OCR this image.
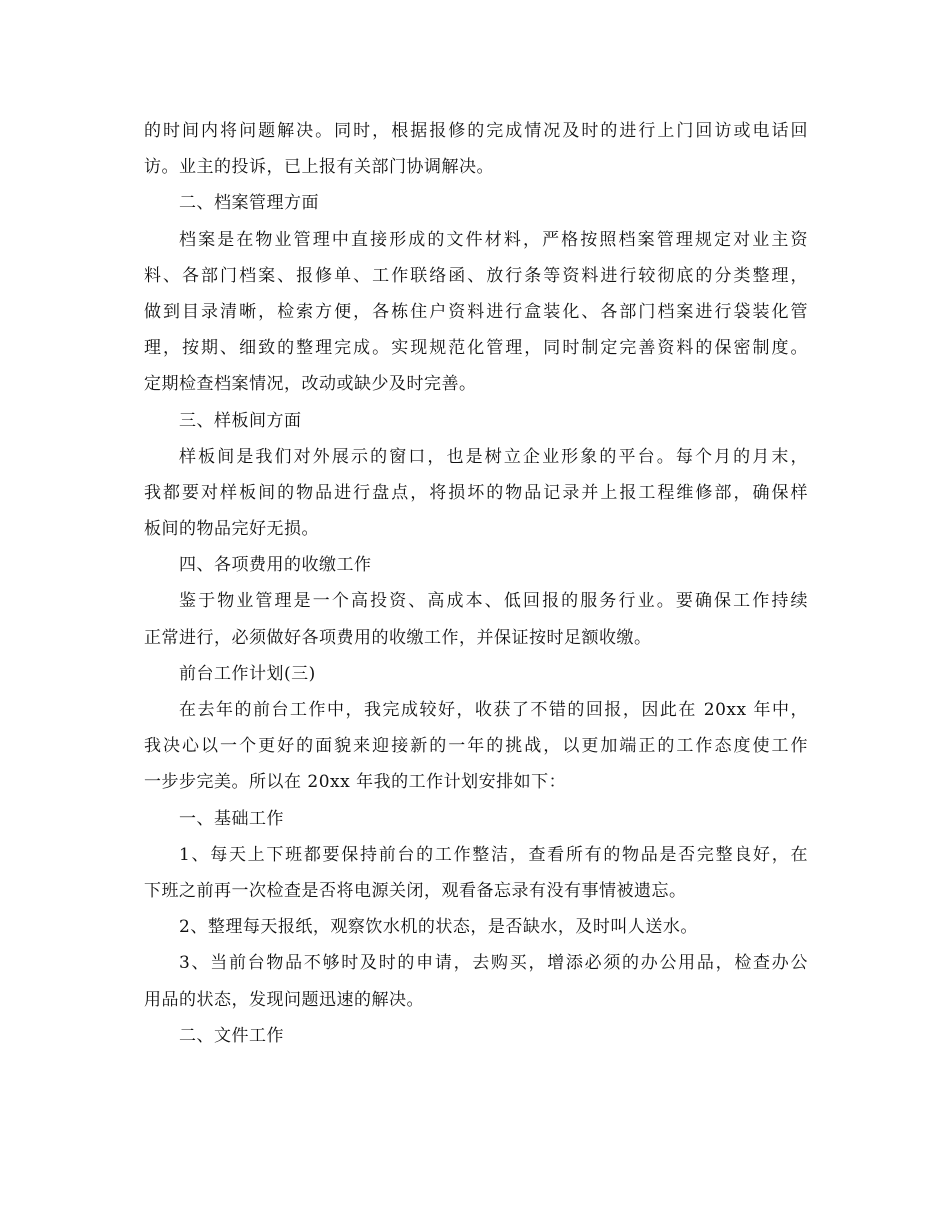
的时间内将问题解决。同时，根据报修的完成情况及时的进行上门回访或电话回
访。业主的投诉，已上报有关部门协调解决。
二、档案管理方面
档案是在物业管理中直接形成的文件材料，严格按照档案管理规定对业主资
料、各部门档案、报修单、工作联络函、放行条等资料进行较彻底的分类整理，
做到目录清晰，检索方便，各栋住户资料进行盒装化、各部门档案进行袋装化管
理，按期、细致的整理完成。实现规范化管理，同时制定完善资料的保密制度。
定期检查档案情况，改动或缺少及时完善。
三、样板间方面
样板间是我们对外展示的窗口，也是树立企业形象的平台。每个月的月末，
我都要对样板间的物品进行盘点，将损坏的物品记录并上报工程维修部，确保样
板间的物品完好无损。
四、各项费用的收缴工作
鉴于物业管理是一个高投资、高成本、低回报的服务行业。要确保工作持续
正常进行，必须做好各项费用的收缴工作，并保证按时足额收缴。
前台工作计划(三)
在去年的前台工作中，我完成较好，收获了不错的回报，因此在 20xx 年中，
我决心以一个更好的面貌来迎接新的一年的挑战，以更加端正的工作态度使工作
一步步完美。所以在 20xx 年我的工作计划安排如下：
一、基础工作
1、每天上下班都要保持前台的工作整洁，查看所有的物品是否完整良好，在
下班之前再一次检查是否将电源关闭，观看备忘录有没有事情被遗忘。
2、整理每天报纸，观察饮水机的状态，是否缺水，及时叫人送水。
3、当前台物品不够时及时的申请，去购买，增添必须的办公用品，检查办公
用品的状态，发现问题迅速的解决。
二、文件工作
